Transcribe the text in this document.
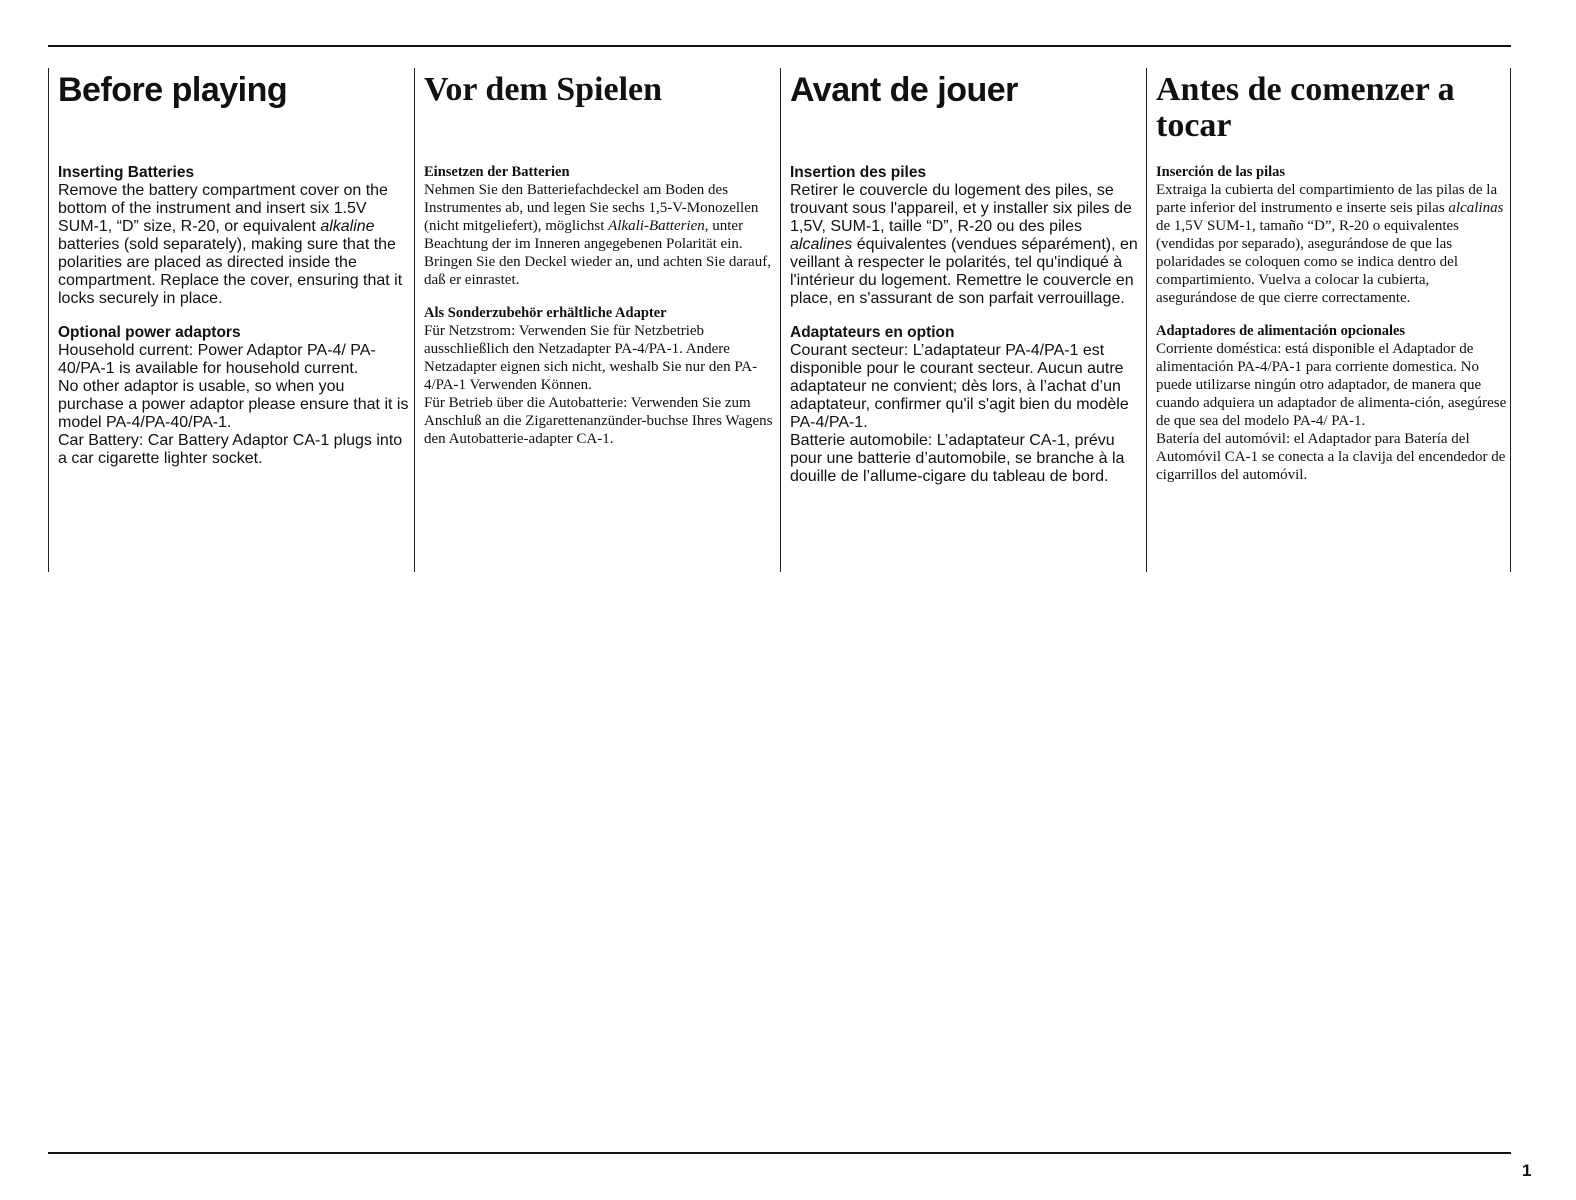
Before playing
Inserting Batteries

Remove the battery compartment cover on the bottom of the instrument and insert six 1.5V SUM-1, “D” size, R-20, or equivalent alkaline batteries (sold separately), making sure that the polarities are placed as directed inside the compartment. Replace the cover, ensuring that it locks securely in place.

Optional power adaptors

Household current: Power Adaptor PA-4/ PA-40/PA-1 is available for household current.

No other adaptor is usable, so when you purchase a power adaptor please ensure that it is model PA-4/PA-40/PA-1.

Car Battery: Car Battery Adaptor CA-1 plugs into a car cigarette lighter socket.

Vor dem Spielen
Einsetzen der Batterien

Nehmen Sie den Batteriefachdeckel am Boden des Instrumentes ab, und legen Sie sechs 1,5-V-Monozellen (nicht mitgeliefert), möglichst Alkali-Batterien, unter Beachtung der im Inneren angegebenen Polarität ein. Bringen Sie den Deckel wieder an, und achten Sie darauf, daß er einrastet.

Als Sonderzubehör erhältliche Adapter

Für Netzstrom: Verwenden Sie für Netzbetrieb ausschließlich den Netzadapter PA-4/PA-1. Andere Netzadapter eignen sich nicht, weshalb Sie nur den PA-4/PA-1 Verwenden Können.

Für Betrieb über die Autobatterie: Verwenden Sie zum Anschluß an die Zigarettenanzünder-buchse Ihres Wagens den Autobatterie-adapter CA-1.

Avant de jouer
Insertion des piles

Retirer le couvercle du logement des piles, se trouvant sous l'appareil, et y installer six piles de 1,5V, SUM-1, taille “D”, R-20 ou des piles alcalines équivalentes (vendues séparément), en veillant à respecter le polarités, tel qu'indiqué à l'intérieur du logement. Remettre le couvercle en place, en s'assurant de son parfait verrouillage.

Adaptateurs en option

Courant secteur: L’adaptateur PA-4/PA-1 est disponible pour le courant secteur. Aucun autre adaptateur ne convient; dès lors, à l’achat d’un adaptateur, confirmer qu'il s'agit bien du modèle PA-4/PA-1.

Batterie automobile: L’adaptateur CA-1, prévu pour une batterie d’automobile, se branche à la douille de l’allume-cigare du tableau de bord.

Antes de comenzer a tocar
Inserción de las pilas

Extraiga la cubierta del compartimiento de las pilas de la parte inferior del instrumento e inserte seis pilas alcalinas de 1,5V SUM-1, tamaño “D”, R-20 o equivalentes (vendidas por separado), asegurándose de que las polaridades se coloquen como se indica dentro del compartimiento. Vuelva a colocar la cubierta, asegurándose de que cierre correctamente.

Adaptadores de alimentación opcionales

Corriente doméstica: está disponible el Adaptador de alimentación PA-4/PA-1 para corriente domestica. No puede utilizarse ningún otro adaptador, de manera que cuando adquiera un adaptador de alimenta-ción, asegúrese de que sea del modelo PA-4/ PA-1.

Batería del automóvil: el Adaptador para Batería del Automóvil CA-1 se conecta a la clavija del encendedor de cigarrillos del automóvil.

1
